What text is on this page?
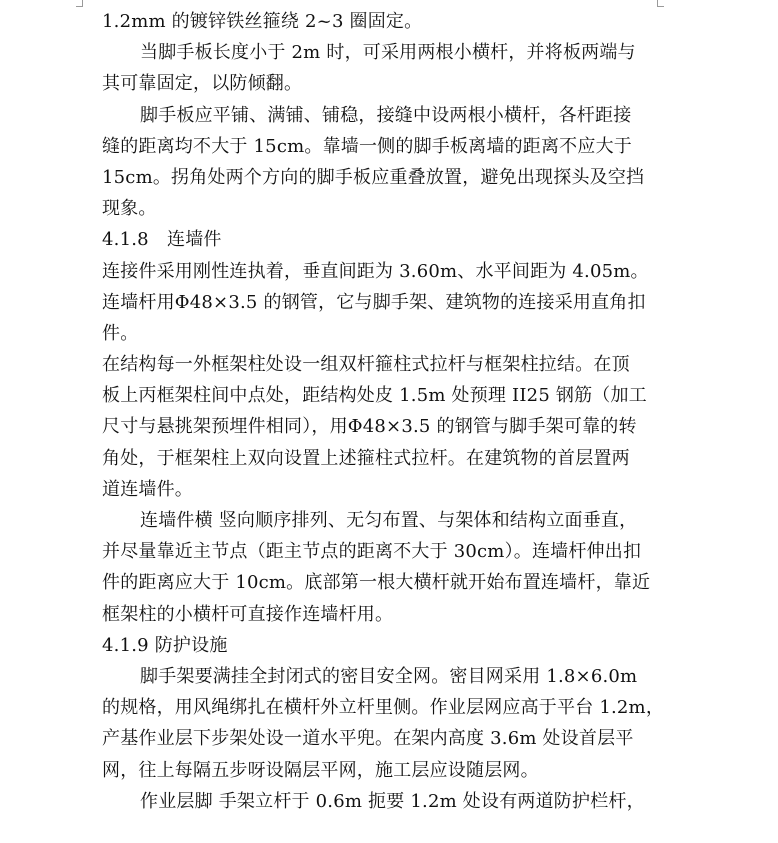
1.2mm 的镀锌铁丝箍绕 2~3 圈固定。
当脚手板长度小于 2m 时，可采用两根小横杆，并将板两端与
其可靠固定，以防倾翻。
脚手板应平铺、满铺、铺稳，接缝中设两根小横杆，各杆距接
缝的距离均不大于 15cm。靠墙一侧的脚手板离墙的距离不应大于
15cm。拐角处两个方向的脚手板应重叠放置，避免出现探头及空挡
现象。
4.1.8　连墙件
连接件采用刚性连执着，垂直间距为 3.60m、水平间距为 4.05m。
连墙杆用Φ48×3.5 的钢管，它与脚手架、建筑物的连接采用直角扣
件。
在结构每一外框架柱处设一组双杆箍柱式拉杆与框架柱拉结。在顶
板上丙框架柱间中点处，距结构处皮 1.5m 处预理 II25 钢筋（加工
尺寸与悬挑架预埋件相同），用Φ48×3.5 的钢管与脚手架可靠的转
角处，于框架柱上双向设置上述箍柱式拉杆。在建筑物的首层置两
道连墙件。
连墙件横 竖向顺序排列、无匀布置、与架体和结构立面垂直，
并尽量靠近主节点（距主节点的距离不大于 30cm）。连墙杆伸出扣
件的距离应大于 10cm。底部第一根大横杆就开始布置连墙杆，靠近
框架柱的小横杆可直接作连墙杆用。
4.1.9 防护设施
脚手架要满挂全封闭式的密目安全网。密目网采用 1.8×6.0m
的规格，用风绳绑扎在横杆外立杆里侧。作业层网应高于平台 1.2m，
产基作业层下步架处设一道水平兜。在架内高度 3.6m 处设首层平
网，往上每隔五步呀设隔层平网，施工层应设随层网。
作业层脚 手架立杆于 0.6m 扼要 1.2m 处设有两道防护栏杆，
